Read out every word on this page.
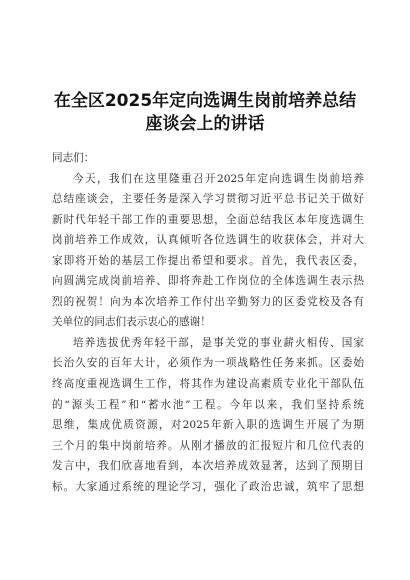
在全区2025年定向选调生岗前培养总结
座谈会上的讲话
同志们：
今天，我们在这里隆重召开2025年定向选调生岗前培养
总结座谈会，主要任务是深入学习贯彻习近平总书记关于做好
新时代年轻干部工作的重要思想，全面总结我区本年度选调生
岗前培养工作成效，认真倾听各位选调生的收获体会，并对大
家即将开始的基层工作提出希望和要求。首先，我代表区委，
向圆满完成岗前培养、即将奔赴工作岗位的全体选调生表示热
烈的祝贺！向为本次培养工作付出辛勤努力的区委党校及各有
关单位的同志们表示衷心的感谢！
培养选拔优秀年轻干部，是事关党的事业薪火相传、国家
长治久安的百年大计，必须作为一项战略性任务来抓。区委始
终高度重视选调生工作，将其作为建设高素质专业化干部队伍
的“源头工程”和“蓄水池”工程。今年以来，我们坚持系统
思维，集成优质资源，对2025年新入职的选调生开展了为期
三个月的集中岗前培养。从刚才播放的汇报短片和几位代表的
发言中，我们欣喜地看到，本次培养成效显著，达到了预期目
标。大家通过系统的理论学习，强化了政治忠诚，筑牢了思想
